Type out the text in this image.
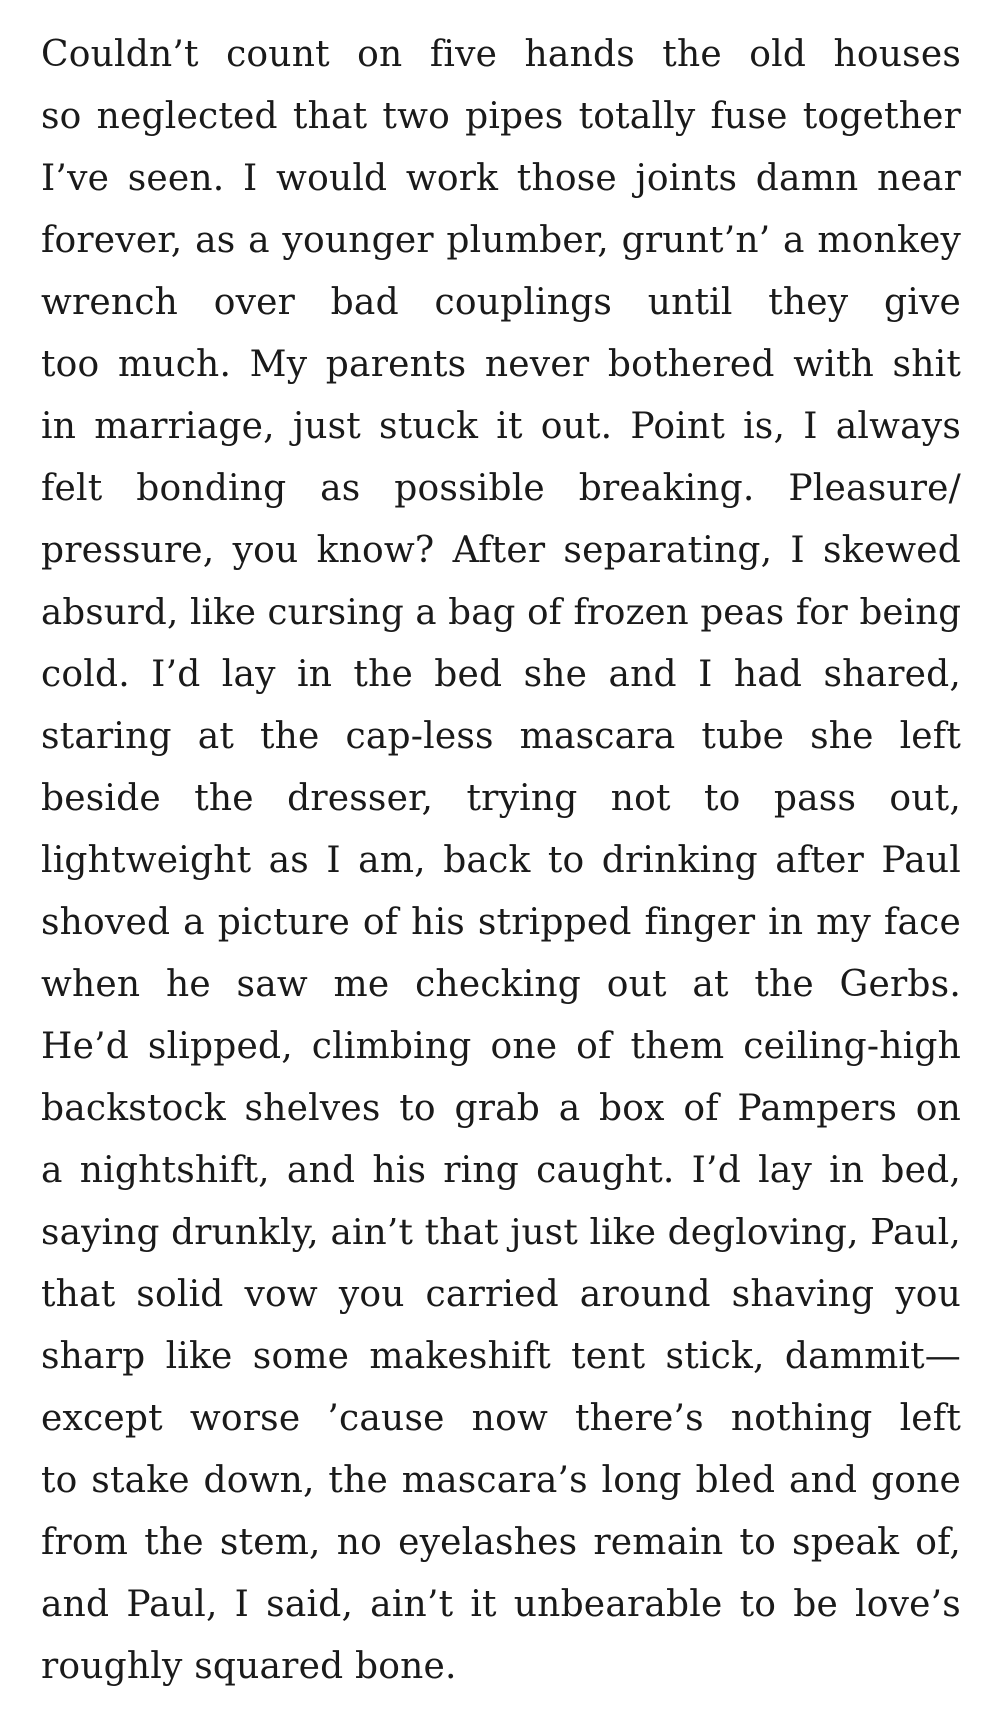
Couldn’t count on five hands the old houses
so neglected that two pipes totally fuse together
I’ve seen. I would work those joints damn near
forever, as a younger plumber, grunt’n’ a monkey
wrench over bad couplings until they give
too much. My parents never bothered with shit
in marriage, just stuck it out. Point is, I always
felt bonding as possible breaking. Pleasure/
pressure, you know? After separating, I skewed
absurd, like cursing a bag of frozen peas for being
cold. I’d lay in the bed she and I had shared,
staring at the cap-less mascara tube she left
beside the dresser, trying not to pass out,
lightweight as I am, back to drinking after Paul
shoved a picture of his stripped finger in my face
when he saw me checking out at the Gerbs.
He’d slipped, climbing one of them ceiling-high
backstock shelves to grab a box of Pampers on
a nightshift, and his ring caught. I’d lay in bed,
saying drunkly, ain’t that just like degloving, Paul,
that solid vow you carried around shaving you
sharp like some makeshift tent stick, dammit—
except worse ’cause now there’s nothing left
to stake down, the mascara’s long bled and gone
from the stem, no eyelashes remain to speak of,
and Paul, I said, ain’t it unbearable to be love’s
roughly squared bone.
